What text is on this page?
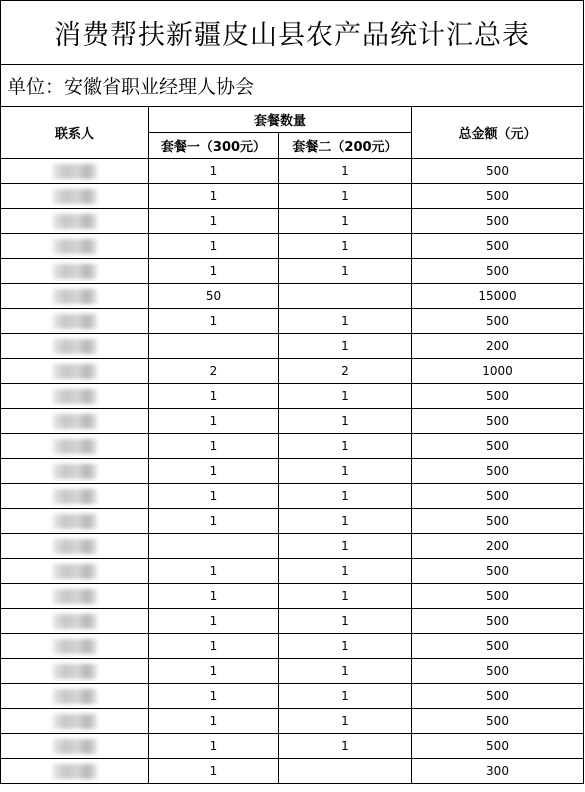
消费帮扶新疆皮山县农产品统计汇总表			
单位：安徽省职业经理人协会			
联系人	套餐数量		总金额（元）
	套餐一（300元）	套餐二（200元）	

	1	1	500

	1	1	500

	1	1	500

	1	1	500

	1	1	500

	50		15000

	1	1	500

		1	200

	2	2	1000

	1	1	500

	1	1	500

	1	1	500

	1	1	500

	1	1	500

	1	1	500

		1	200

	1	1	500

	1	1	500

	1	1	500

	1	1	500

	1	1	500

	1	1	500

	1	1	500

	1	1	500

	1		300
